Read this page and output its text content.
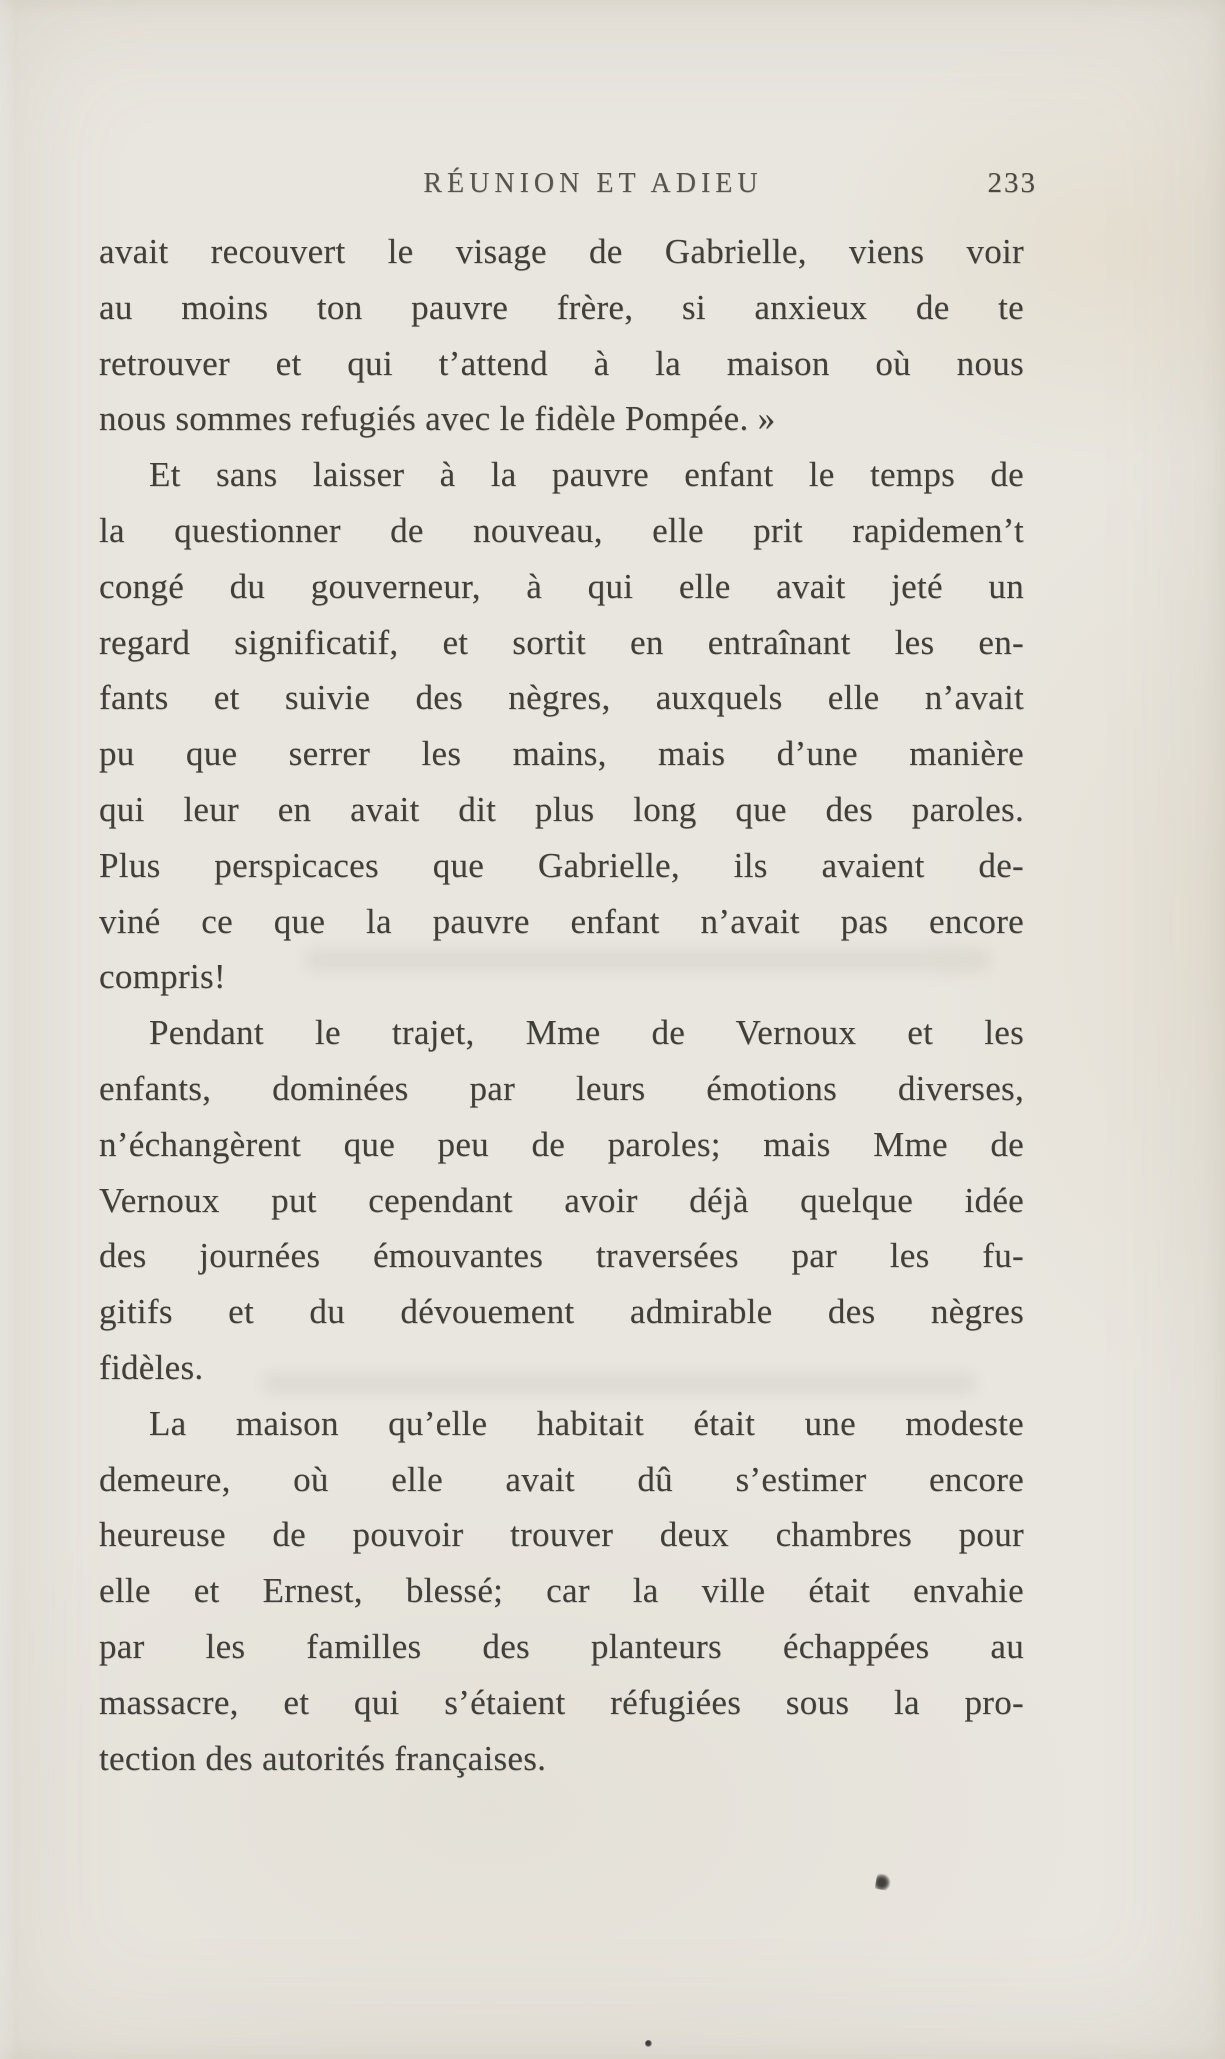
RÉUNION ET ADIEU	233
avait recouvert le visage de Gabrielle, viens voir
au moins ton pauvre frère, si anxieux de te
retrouver et qui t’attend à la maison où nous
nous sommes refugiés avec le fidèle Pompée. »
Et sans laisser à la pauvre enfant le temps de
la questionner de nouveau, elle prit rapidemen’t
congé du gouverneur, à qui elle avait jeté un
regard significatif, et sortit en entraînant les en-
fants et suivie des nègres, auxquels elle n’avait
pu que serrer les mains, mais d’une manière
qui leur en avait dit plus long que des paroles.
Plus perspicaces que Gabrielle, ils avaient de-
viné ce que la pauvre enfant n’avait pas encore
compris!
Pendant le trajet, Mme de Vernoux et les
enfants, dominées par leurs émotions diverses,
n’échangèrent que peu de paroles; mais Mme de
Vernoux put cependant avoir déjà quelque idée
des journées émouvantes traversées par les fu-
gitifs et du dévouement admirable des nègres
fidèles.
La maison qu’elle habitait était une modeste
demeure, où elle avait dû s’estimer encore
heureuse de pouvoir trouver deux chambres pour
elle et Ernest, blessé; car la ville était envahie
par les familles des planteurs échappées au
massacre, et qui s’étaient réfugiées sous la pro-
tection des autorités françaises.
